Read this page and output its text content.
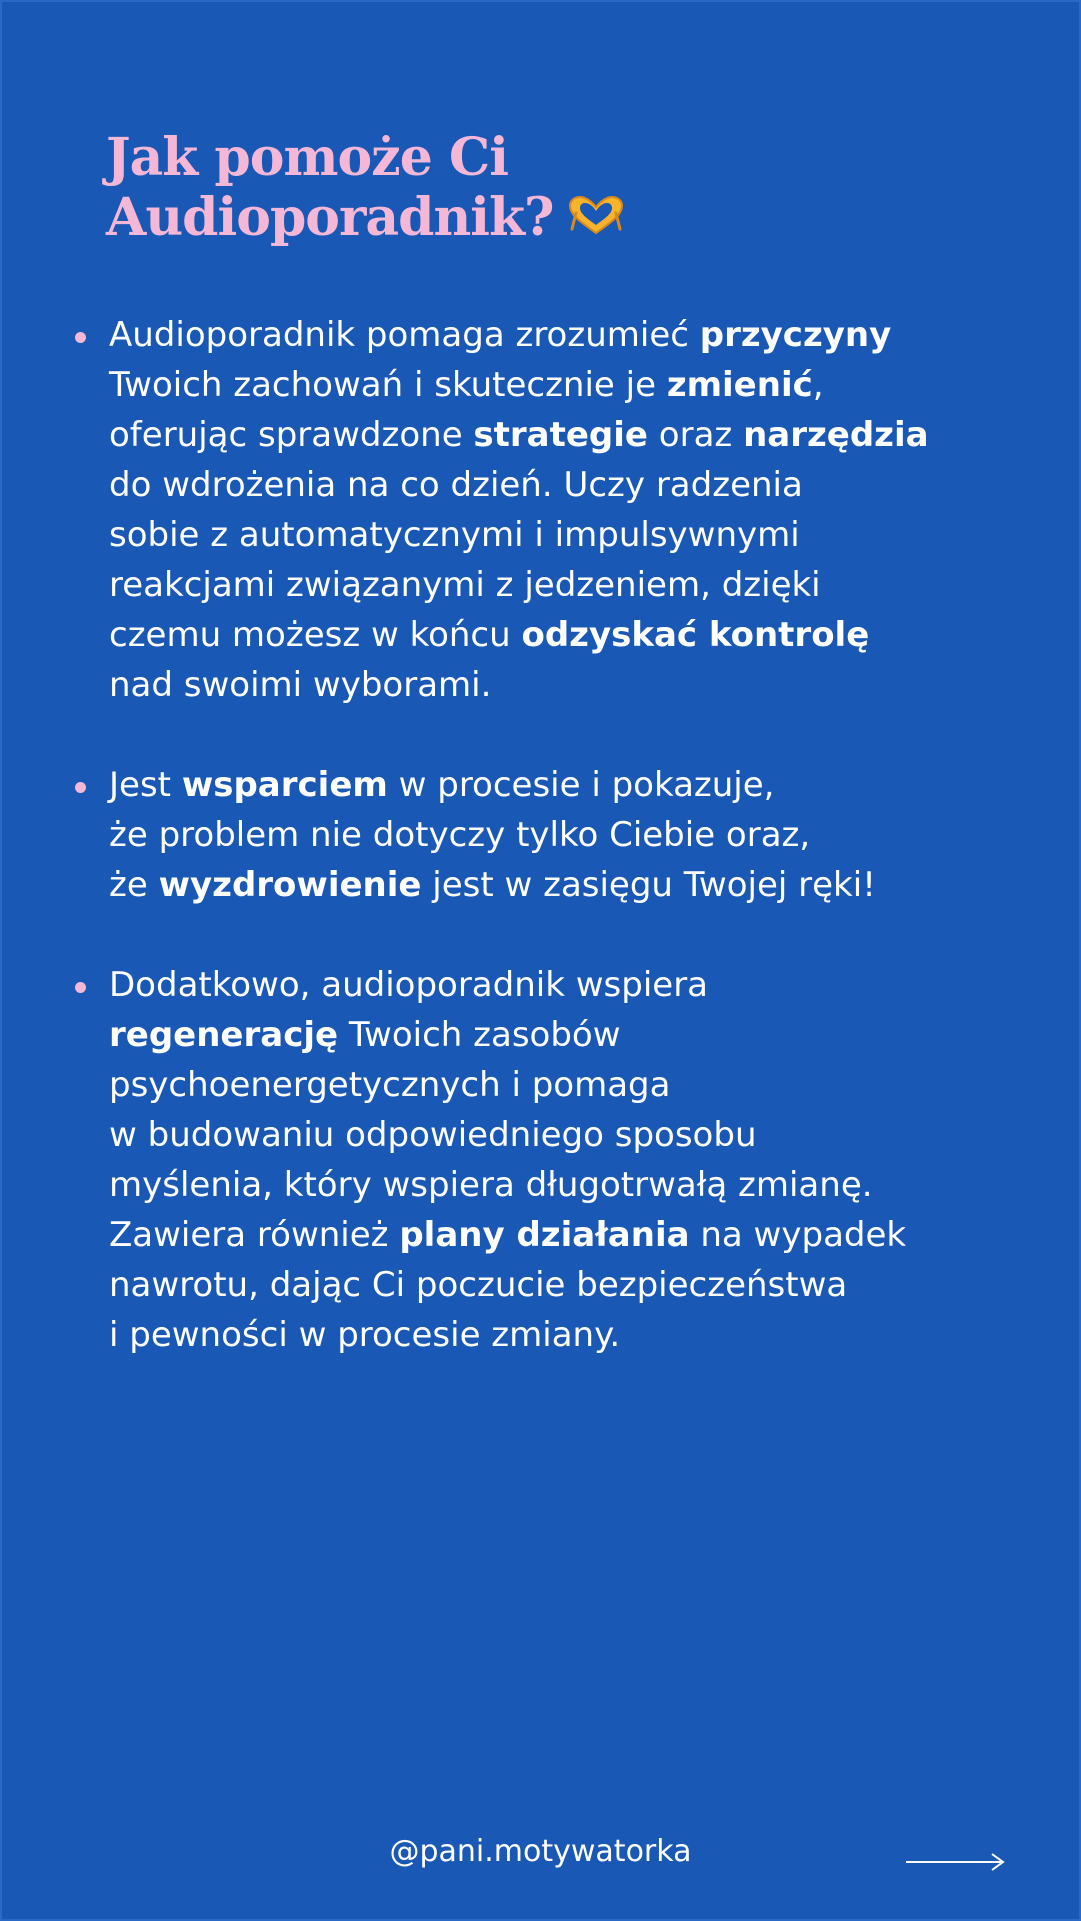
Jak pomoże Ci
Audioporadnik?
Audioporadnik pomaga zrozumieć przyczyny
Twoich zachowań i skutecznie je zmienić,
oferując sprawdzone strategie oraz narzędzia
do wdrożenia na co dzień. Uczy radzenia
sobie z automatycznymi i impulsywnymi
reakcjami związanymi z jedzeniem, dzięki
czemu możesz w końcu odzyskać kontrolę
nad swoimi wyborami.
Jest wsparciem w procesie i pokazuje,
że problem nie dotyczy tylko Ciebie oraz,
że wyzdrowienie jest w zasięgu Twojej ręki!
Dodatkowo, audioporadnik wspiera
regenerację Twoich zasobów
psychoenergetycznych i pomaga
w budowaniu odpowiedniego sposobu
myślenia, który wspiera długotrwałą zmianę.
Zawiera również plany działania na wypadek
nawrotu, dając Ci poczucie bezpieczeństwa
i pewności w procesie zmiany.
@pani.motywatorka
